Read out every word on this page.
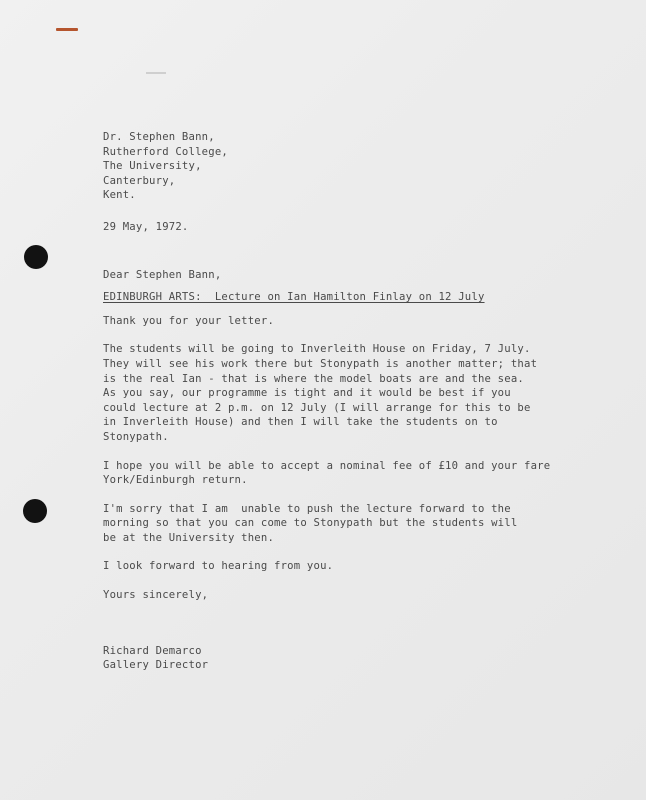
Dr. Stephen Bann,
Rutherford College,
The University,
Canterbury,
Kent.
29 May, 1972.
Dear Stephen Bann,
EDINBURGH ARTS:  Lecture on Ian Hamilton Finlay on 12 July
Thank you for your letter.
The students will be going to Inverleith House on Friday, 7 July.
They will see his work there but Stonypath is another matter; that
is the real Ian - that is where the model boats are and the sea.
As you say, our programme is tight and it would be best if you
could lecture at 2 p.m. on 12 July (I will arrange for this to be
in Inverleith House) and then I will take the students on to
Stonypath.
I hope you will be able to accept a nominal fee of £10 and your fare
York/Edinburgh return.
I'm sorry that I am  unable to push the lecture forward to the
morning so that you can come to Stonypath but the students will
be at the University then.
I look forward to hearing from you.
Yours sincerely,
Richard Demarco
Gallery Director
